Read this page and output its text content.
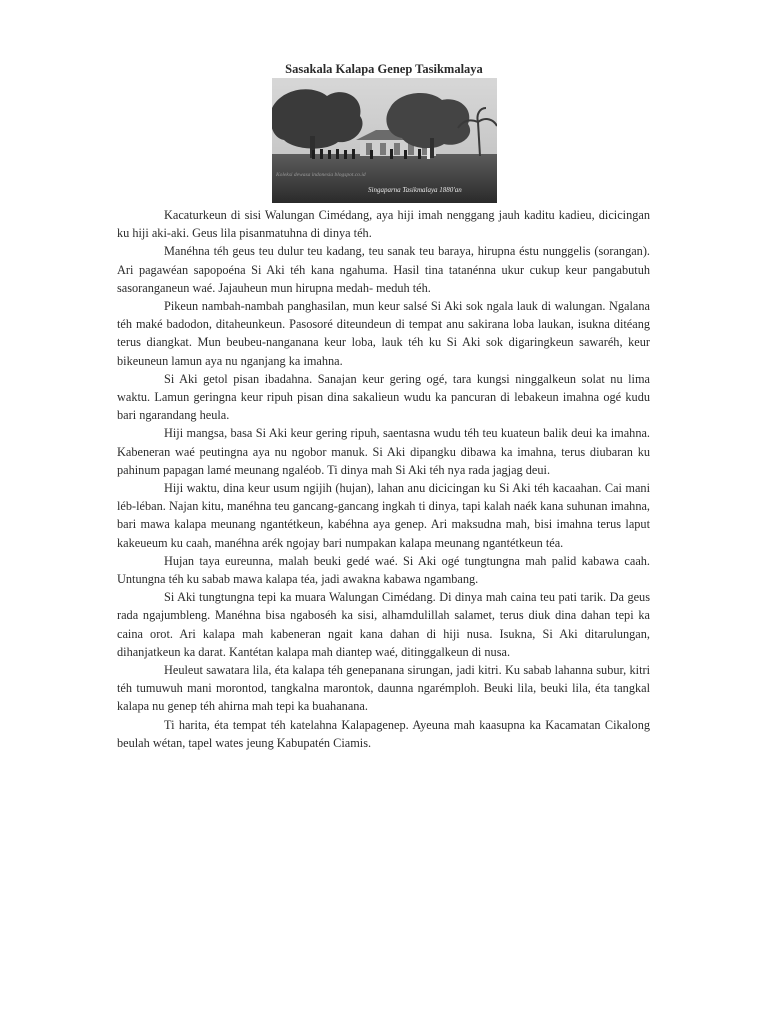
Sasakala Kalapa Genep Tasikmalaya
Koleksi dewasa indonesia blogspot.co.id
Singaparna Tasikmalaya 1880'an

Kacaturkeun di sisi Walungan Cimédang, aya hiji imah nenggang jauh kaditu kadieu, dicicingan ku hiji aki-aki. Geus lila pisanmatuhna di dinya téh.

Manéhna téh geus teu dulur teu kadang, teu sanak teu baraya, hirupna éstu nunggelis (sorangan). Ari pagawéan sapopoéna Si Aki téh kana ngahuma. Hasil tina tatanénna ukur cukup keur pangabutuh sasoranganeun waé. Jajauheun mun hirupna medah- meduh téh.

Pikeun nambah-nambah panghasilan, mun keur salsé Si Aki sok ngala lauk di walungan. Ngalana téh maké badodon, ditaheunkeun. Pasosoré diteundeun di tempat anu sakirana loba laukan, isukna ditéang terus diangkat. Mun beubeu-nanganana keur loba, lauk téh ku Si Aki sok digaringkeun sawaréh, keur bikeuneun lamun aya nu nganjang ka imahna.

Si Aki getol pisan ibadahna. Sanajan keur gering ogé, tara kungsi ninggalkeun solat nu lima waktu. Lamun geringna keur ripuh pisan dina sakalieun wudu ka pancuran di lebakeun imahna ogé kudu bari ngarandang heula.

Hiji mangsa, basa Si Aki keur gering ripuh, saentasna wudu téh teu kuateun balik deui ka imahna. Kabeneran waé peutingna aya nu ngobor manuk. Si Aki dipangku dibawa ka imahna, terus diubaran ku pahinum papagan lamé meunang ngaléob. Ti dinya mah Si Aki téh nya rada jagjag deui.

Hiji waktu, dina keur usum ngijih (hujan), lahan anu dicicingan ku Si Aki téh kacaahan. Cai mani léb-léban. Najan kitu, manéhna teu gancang-gancang ingkah ti dinya, tapi kalah naék kana suhunan imahna, bari mawa kalapa meunang ngantétkeun, kabéhna aya genep. Ari maksudna mah, bisi imahna terus laput kakeueum ku caah, manéhna arék ngojay bari numpakan kalapa meunang ngantétkeun téa.

Hujan taya eureunna, malah beuki gedé waé. Si Aki ogé tungtungna mah palid kabawa caah. Untungna téh ku sabab mawa kalapa téa, jadi awakna kabawa ngambang.

Si Aki tungtungna tepi ka muara Walungan Cimédang. Di dinya mah caina teu pati tarik. Da geus rada ngajumbleng. Manéhna bisa ngaboséh ka sisi, alhamdulillah salamet, terus diuk dina dahan tepi ka caina orot. Ari kalapa mah kabeneran ngait kana dahan di hiji nusa. Isukna, Si Aki ditarulungan, dihanjatkeun ka darat. Kantétan kalapa mah diantep waé, ditinggalkeun di nusa.

Heuleut sawatara lila, éta kalapa téh genepanana sirungan, jadi kitri. Ku sabab lahanna subur, kitri téh tumuwuh mani morontod, tangkalna marontok, daunna ngarémploh. Beuki lila, beuki lila, éta tangkal kalapa nu genep téh ahirna mah tepi ka buahanana.

Ti harita, éta tempat téh katelahna Kalapagenep. Ayeuna mah kaasupna ka Kacamatan Cikalong beulah wétan, tapel wates jeung Kabupatén Ciamis.
